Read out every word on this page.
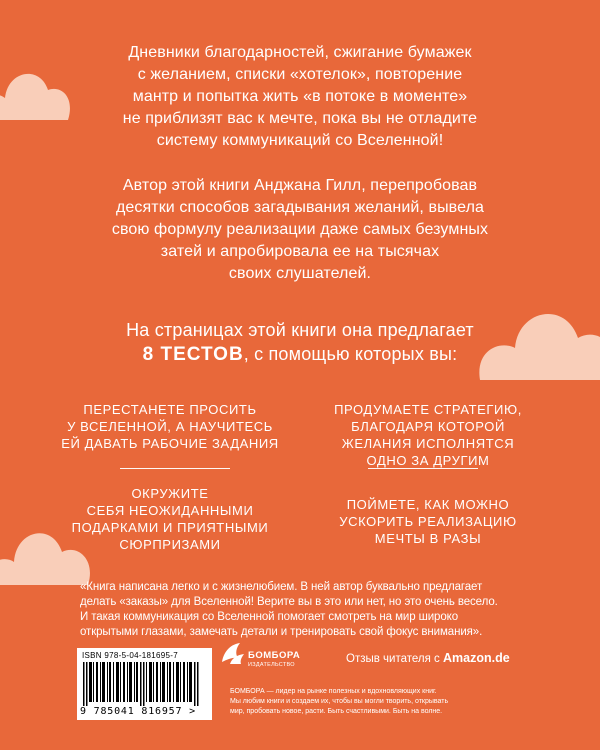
Дневники благодарностей, сжигание бумажек
с желанием, списки «хотелок», повторение
мантр и попытка жить «в потоке в моменте»
не приблизят вас к мечте, пока вы не отладите
систему коммуникаций со Вселенной!
Автор этой книги Анджана Гилл, перепробовав
десятки способов загадывания желаний, вывела
свою формулу реализации даже самых безумных
затей и апробировала ее на тысячах
своих слушателей.
На страницах этой книги она предлагает
8 ТЕСТОВ, с помощью которых вы:
ПЕРЕСТАНЕТЕ ПРОСИТЬ
У ВСЕЛЕННОЙ, А НАУЧИТЕСЬ
ЕЙ ДАВАТЬ РАБОЧИЕ ЗАДАНИЯ
ПРОДУМАЕТЕ СТРАТЕГИЮ,
БЛАГОДАРЯ КОТОРОЙ
ЖЕЛАНИЯ ИСПОЛНЯТСЯ
ОДНО ЗА ДРУГИМ
ОКРУЖИТЕ
СЕБЯ НЕОЖИДАННЫМИ
ПОДАРКАМИ И ПРИЯТНЫМИ
СЮРПРИЗАМИ
ПОЙМЕТЕ, КАК МОЖНО
УСКОРИТЬ РЕАЛИЗАЦИЮ
МЕЧТЫ В РАЗЫ
«Книга написана легко и с жизнелюбием. В ней автор буквально предлагает
делать «заказы» для Вселенной! Верите вы в это или нет, но это очень весело.
И такая коммуникация со Вселенной помогает смотреть на мир широко
открытыми глазами, замечать детали и тренировать свой фокус внимания».
Отзыв читателя с Amazon.de
ISBN 978-5-04-181695-7
9 785041 816957 >
БОМБОРА
ИЗДАТЕЛЬСТВО
БОМБОРА — лидер на рынке полезных и вдохновляющих книг.
Мы любим книги и создаем их, чтобы вы могли творить, открывать
мир, пробовать новое, расти. Быть счастливыми. Быть на волне.
